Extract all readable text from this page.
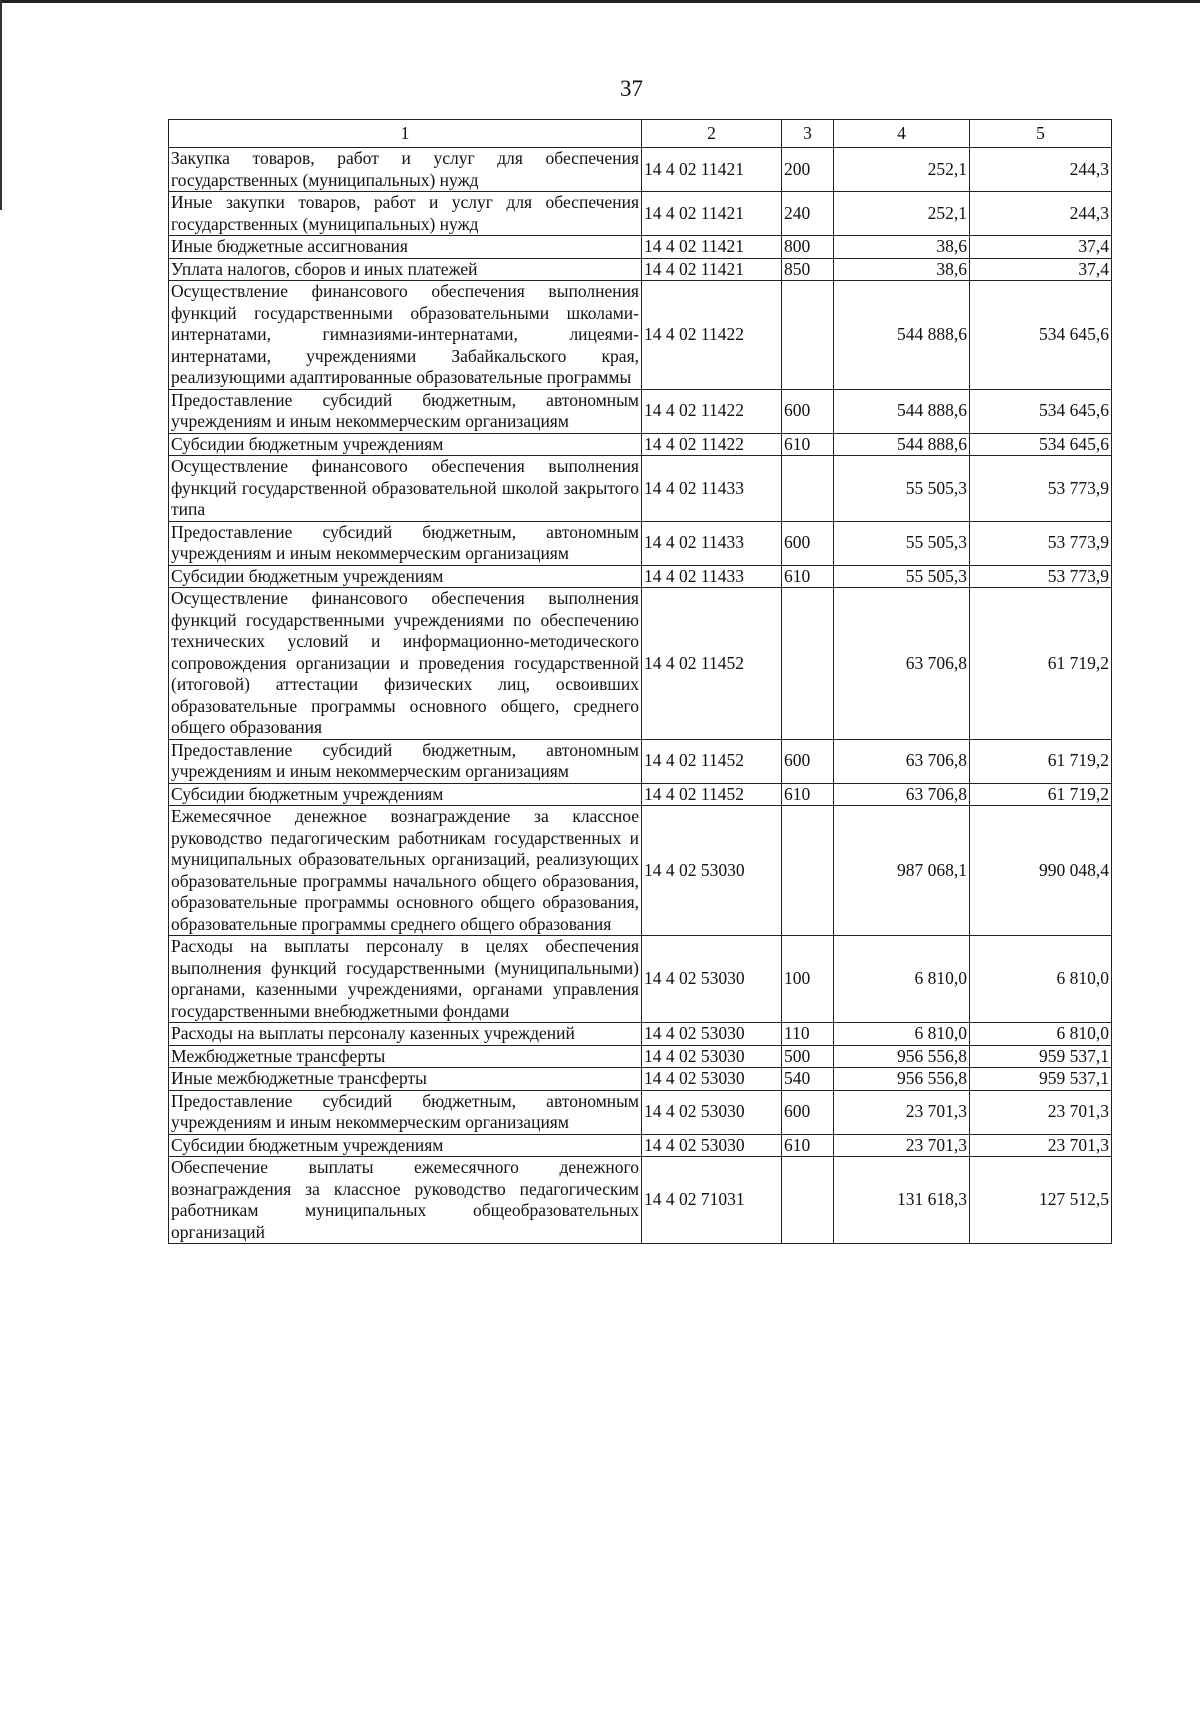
37
1	2	3	4	5
Закупка товаров, работ и услуг для обеспечения государственных (муниципальных) нужд	14 4 02 11421	200	252,1	244,3
Иные закупки товаров, работ и услуг для обеспечения государственных (муниципальных) нужд	14 4 02 11421	240	252,1	244,3
Иные бюджетные ассигнования	14 4 02 11421	800	38,6	37,4
Уплата налогов, сборов и иных платежей	14 4 02 11421	850	38,6	37,4
Осуществление финансового обеспечения выполнения функций государственными образовательными школами-интернатами, гимназиями-интернатами, лицеями-интернатами, учреждениями Забайкальского края, реализующими адаптированные образовательные программы	14 4 02 11422		544 888,6	534 645,6
Предоставление субсидий бюджетным, автономным учреждениям и иным некоммерческим организациям	14 4 02 11422	600	544 888,6	534 645,6
Субсидии бюджетным учреждениям	14 4 02 11422	610	544 888,6	534 645,6
Осуществление финансового обеспечения выполнения функций государственной образовательной школой закрытого типа	14 4 02 11433		55 505,3	53 773,9
Предоставление субсидий бюджетным, автономным учреждениям и иным некоммерческим организациям	14 4 02 11433	600	55 505,3	53 773,9
Субсидии бюджетным учреждениям	14 4 02 11433	610	55 505,3	53 773,9
Осуществление финансового обеспечения выполнения функций государственными учреждениями по обеспечению технических условий и информационно-методического сопровождения организации и проведения государственной (итоговой) аттестации физических лиц, освоивших образовательные программы основного общего, среднего общего образования	14 4 02 11452		63 706,8	61 719,2
Предоставление субсидий бюджетным, автономным учреждениям и иным некоммерческим организациям	14 4 02 11452	600	63 706,8	61 719,2
Субсидии бюджетным учреждениям	14 4 02 11452	610	63 706,8	61 719,2
Ежемесячное денежное вознаграждение за классное руководство педагогическим работникам государственных и муниципальных образовательных организаций, реализующих образовательные программы начального общего образования, образовательные программы основного общего образования, образовательные программы среднего общего образования	14 4 02 53030		987 068,1	990 048,4
Расходы на выплаты персоналу в целях обеспечения выполнения функций государственными (муниципальными) органами, казенными учреждениями, органами управления государственными внебюджетными фондами	14 4 02 53030	100	6 810,0	6 810,0
Расходы на выплаты персоналу казенных учреждений	14 4 02 53030	110	6 810,0	6 810,0
Межбюджетные трансферты	14 4 02 53030	500	956 556,8	959 537,1
Иные межбюджетные трансферты	14 4 02 53030	540	956 556,8	959 537,1
Предоставление субсидий бюджетным, автономным учреждениям и иным некоммерческим организациям	14 4 02 53030	600	23 701,3	23 701,3
Субсидии бюджетным учреждениям	14 4 02 53030	610	23 701,3	23 701,3
Обеспечение выплаты ежемесячного денежного вознаграждения за классное руководство педагогическим работникам муниципальных общеобразовательных организаций	14 4 02 71031		131 618,3	127 512,5
